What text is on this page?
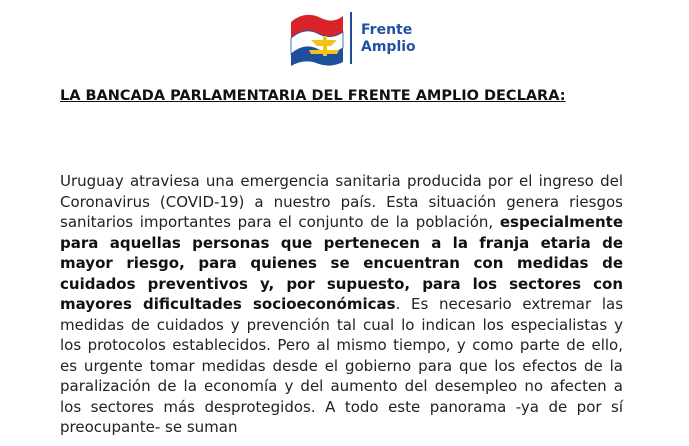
Frente
Amplio
LA BANCADA PARLAMENTARIA DEL FRENTE AMPLIO DECLARA:

Uruguay atraviesa una emergencia sanitaria producida por el ingreso del Coronavirus (COVID-19) a nuestro país. Esta situación genera riesgos sanitarios importantes para el conjunto de la población, especialmente para aquellas personas que pertenecen a la franja etaria de mayor riesgo, para quienes se encuentran con medidas de cuidados preventivos y, por supuesto, para los sectores con mayores dificultades socioeconómicas. Es necesario extremar las medidas de cuidados y prevención tal cual lo indican los especialistas y los protocolos establecidos. Pero al mismo tiempo, y como parte de ello, es urgente tomar medidas desde el gobierno para que los efectos de la paralización de la economía y del aumento del desempleo no afecten a los sectores más desprotegidos. A todo este panorama -ya de por sí preocupante- se suman
